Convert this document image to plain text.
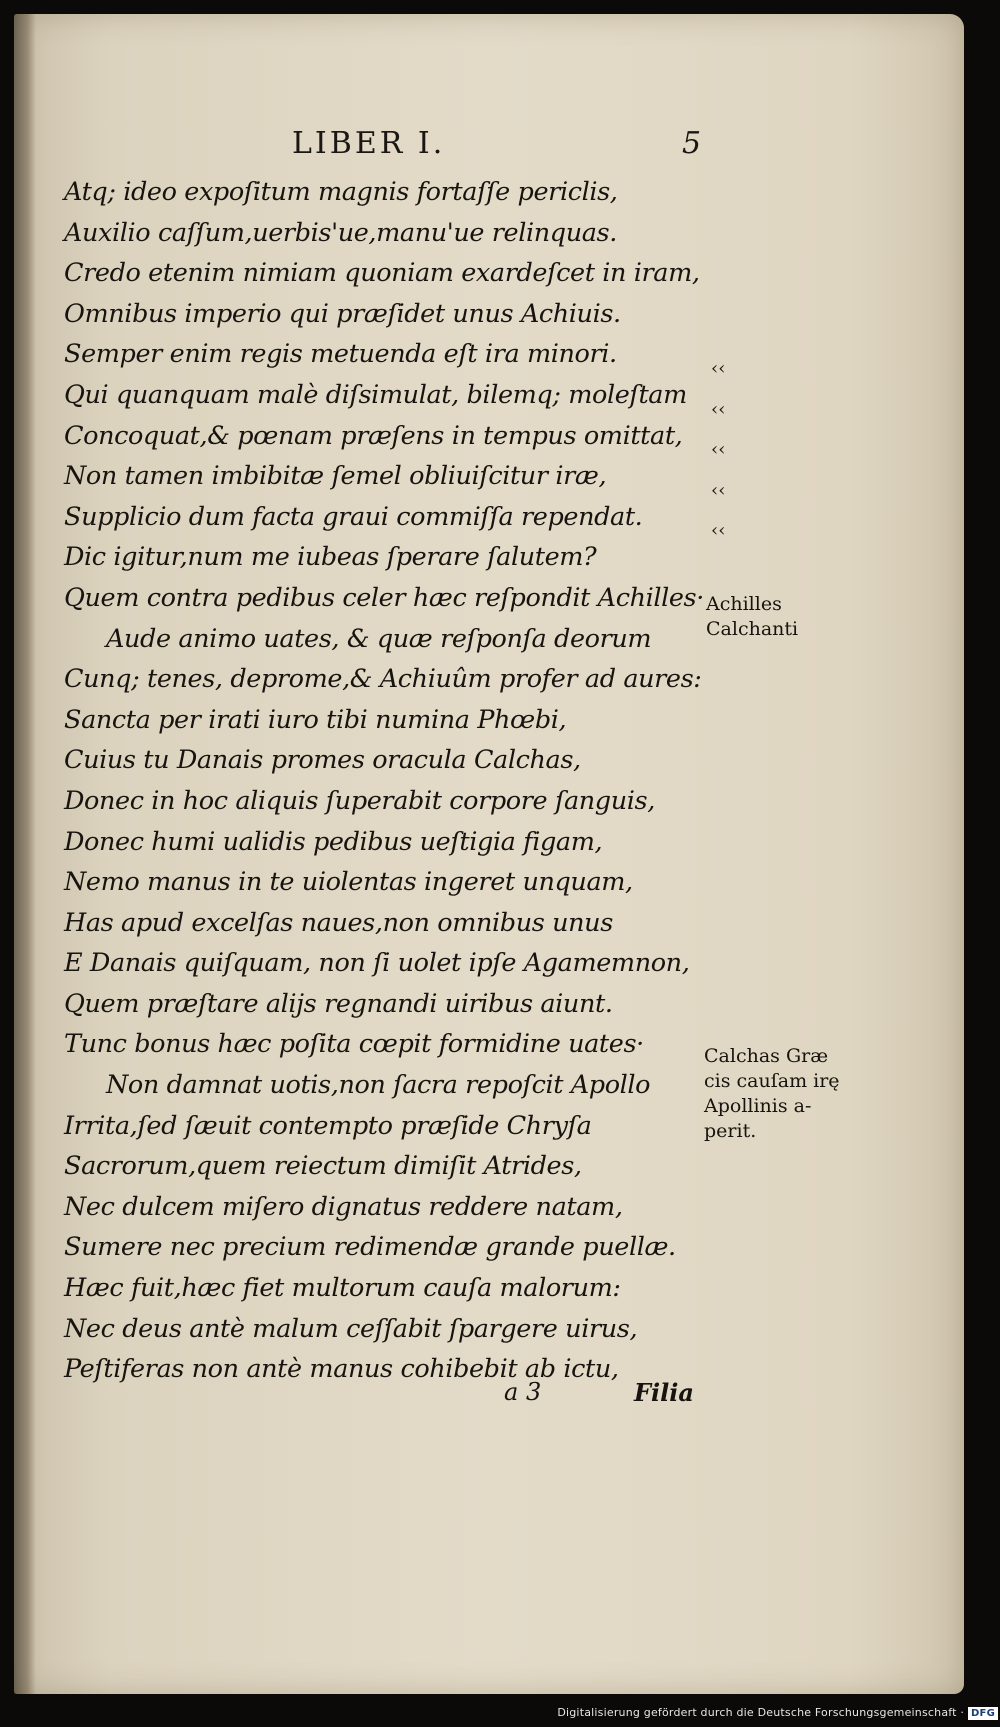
LIBER I.	5
Atq; ideo expoſitum magnis fortaſſe periclis,
Auxilio caſſum,uerbis'ue,manu'ue relinquas.
Credo etenim nimiam quoniam exardeſcet in iram,
Omnibus imperio qui præſidet unus Achiuis.
Semper enim regis metuenda eſt ira minori.
Qui quanquam malè diſsimulat, bilemq; moleſtam
Concoquat,& pœnam præſens in tempus omittat,
Non tamen imbibitæ ſemel obliuiſcitur iræ,
Supplicio dum facta graui commiſſa rependat.
Dic igitur,num me iubeas ſperare ſalutem?
Quem contra pedibus celer hæc reſpondit Achilles·
Aude animo uates, & quæ reſponſa deorum
Cunq; tenes, deprome,& Achiuûm profer ad aures:
Sancta per irati iuro tibi numina Phœbi,
Cuius tu Danais promes oracula Calchas,
Donec in hoc aliquis ſuperabit corpore ſanguis,
Donec humi ualidis pedibus ueſtigia figam,
Nemo manus in te uiolentas ingeret unquam,
Has apud excelſas naues,non omnibus unus
E Danais quiſquam, non ſi uolet ipſe Agamemnon,
Quem præſtare alijs regnandi uiribus aiunt.
Tunc bonus hæc poſita cœpit formidine uates·
Non damnat uotis,non ſacra repoſcit Apollo
Irrita,ſed ſæuit contempto præſide Chryſa
Sacrorum,quem reiectum dimiſit Atrides,
Nec dulcem miſero dignatus reddere natam,
Sumere nec precium redimendæ grande puellæ.
Hæc fuit,hæc fiet multorum cauſa malorum:
Nec deus antè malum ceſſabit ſpargere uirus,
Peſtiferas non antè manus cohibebit ab ictu,
‹‹
‹‹
‹‹
‹‹
‹‹
Achilles
Calchanti
Calchas Græ
cis cauſam irę
Apollinis a-
perit.
a 3	Filia
Digitalisierung gefördert durch die Deutsche Forschungsgemeinschaft · DFG
